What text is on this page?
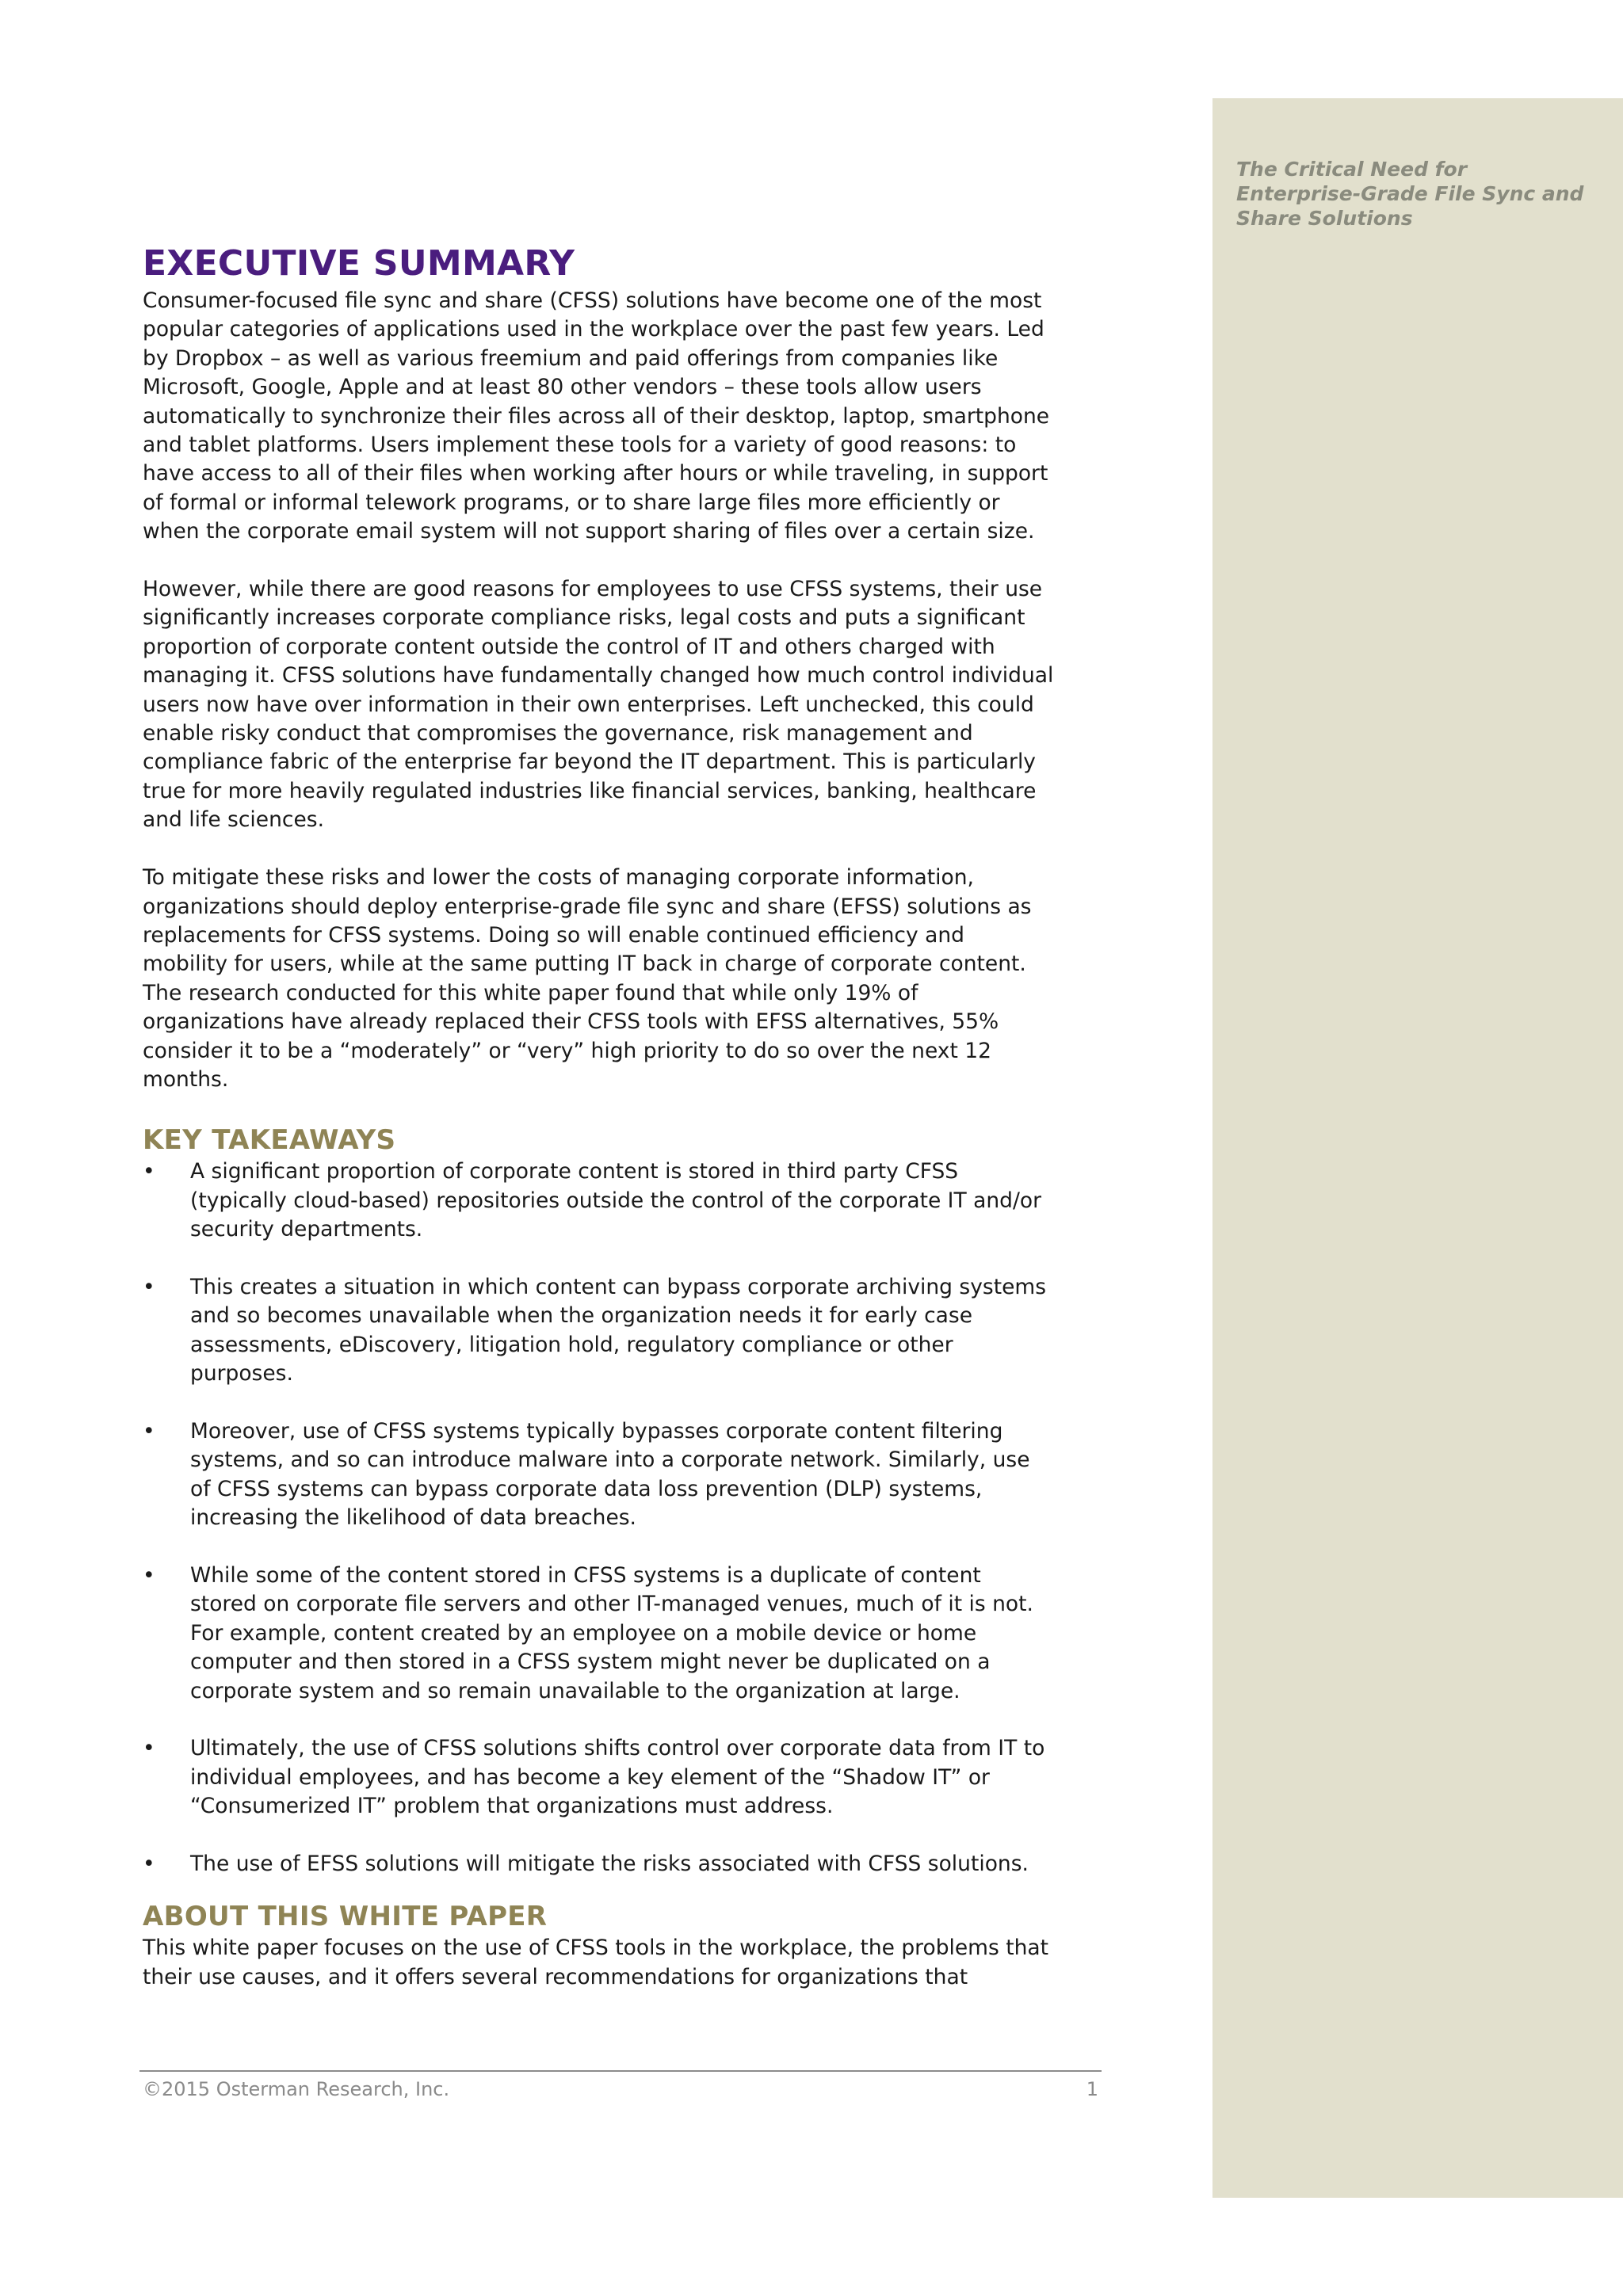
The Critical Need for Enterprise-Grade File Sync and Share Solutions
EXECUTIVE SUMMARY

Consumer-focused file sync and share (CFSS) solutions have become one of the most popular categories of applications used in the workplace over the past few years. Led by Dropbox – as well as various freemium and paid offerings from companies like Microsoft, Google, Apple and at least 80 other vendors – these tools allow users automatically to synchronize their files across all of their desktop, laptop, smartphone and tablet platforms. Users implement these tools for a variety of good reasons: to have access to all of their files when working after hours or while traveling, in support of formal or informal telework programs, or to share large files more efficiently or when the corporate email system will not support sharing of files over a certain size.

However, while there are good reasons for employees to use CFSS systems, their use significantly increases corporate compliance risks, legal costs and puts a significant proportion of corporate content outside the control of IT and others charged with managing it. CFSS solutions have fundamentally changed how much control individual users now have over information in their own enterprises. Left unchecked, this could enable risky conduct that compromises the governance, risk management and compliance fabric of the enterprise far beyond the IT department. This is particularly true for more heavily regulated industries like financial services, banking, healthcare and life sciences.

To mitigate these risks and lower the costs of managing corporate information, organizations should deploy enterprise-grade file sync and share (EFSS) solutions as replacements for CFSS systems. Doing so will enable continued efficiency and mobility for users, while at the same putting IT back in charge of corporate content. The research conducted for this white paper found that while only 19% of organizations have already replaced their CFSS tools with EFSS alternatives, 55% consider it to be a “moderately” or “very” high priority to do so over the next 12 months.

KEY TAKEAWAYS
•	A significant proportion of corporate content is stored in third party CFSS (typically cloud-based) repositories outside the control of the corporate IT and/or security departments.
•	This creates a situation in which content can bypass corporate archiving systems and so becomes unavailable when the organization needs it for early case assessments, eDiscovery, litigation hold, regulatory compliance or other purposes.
•	Moreover, use of CFSS systems typically bypasses corporate content filtering systems, and so can introduce malware into a corporate network. Similarly, use of CFSS systems can bypass corporate data loss prevention (DLP) systems, increasing the likelihood of data breaches.
•	While some of the content stored in CFSS systems is a duplicate of content stored on corporate file servers and other IT-managed venues, much of it is not. For example, content created by an employee on a mobile device or home computer and then stored in a CFSS system might never be duplicated on a corporate system and so remain unavailable to the organization at large.
•	Ultimately, the use of CFSS solutions shifts control over corporate data from IT to individual employees, and has become a key element of the “Shadow IT” or “Consumerized IT” problem that organizations must address.
•	The use of EFSS solutions will mitigate the risks associated with CFSS solutions.
ABOUT THIS WHITE PAPER

This white paper focuses on the use of CFSS tools in the workplace, the problems that their use causes, and it offers several recommendations for organizations that

©2015 Osterman Research, Inc.	1
